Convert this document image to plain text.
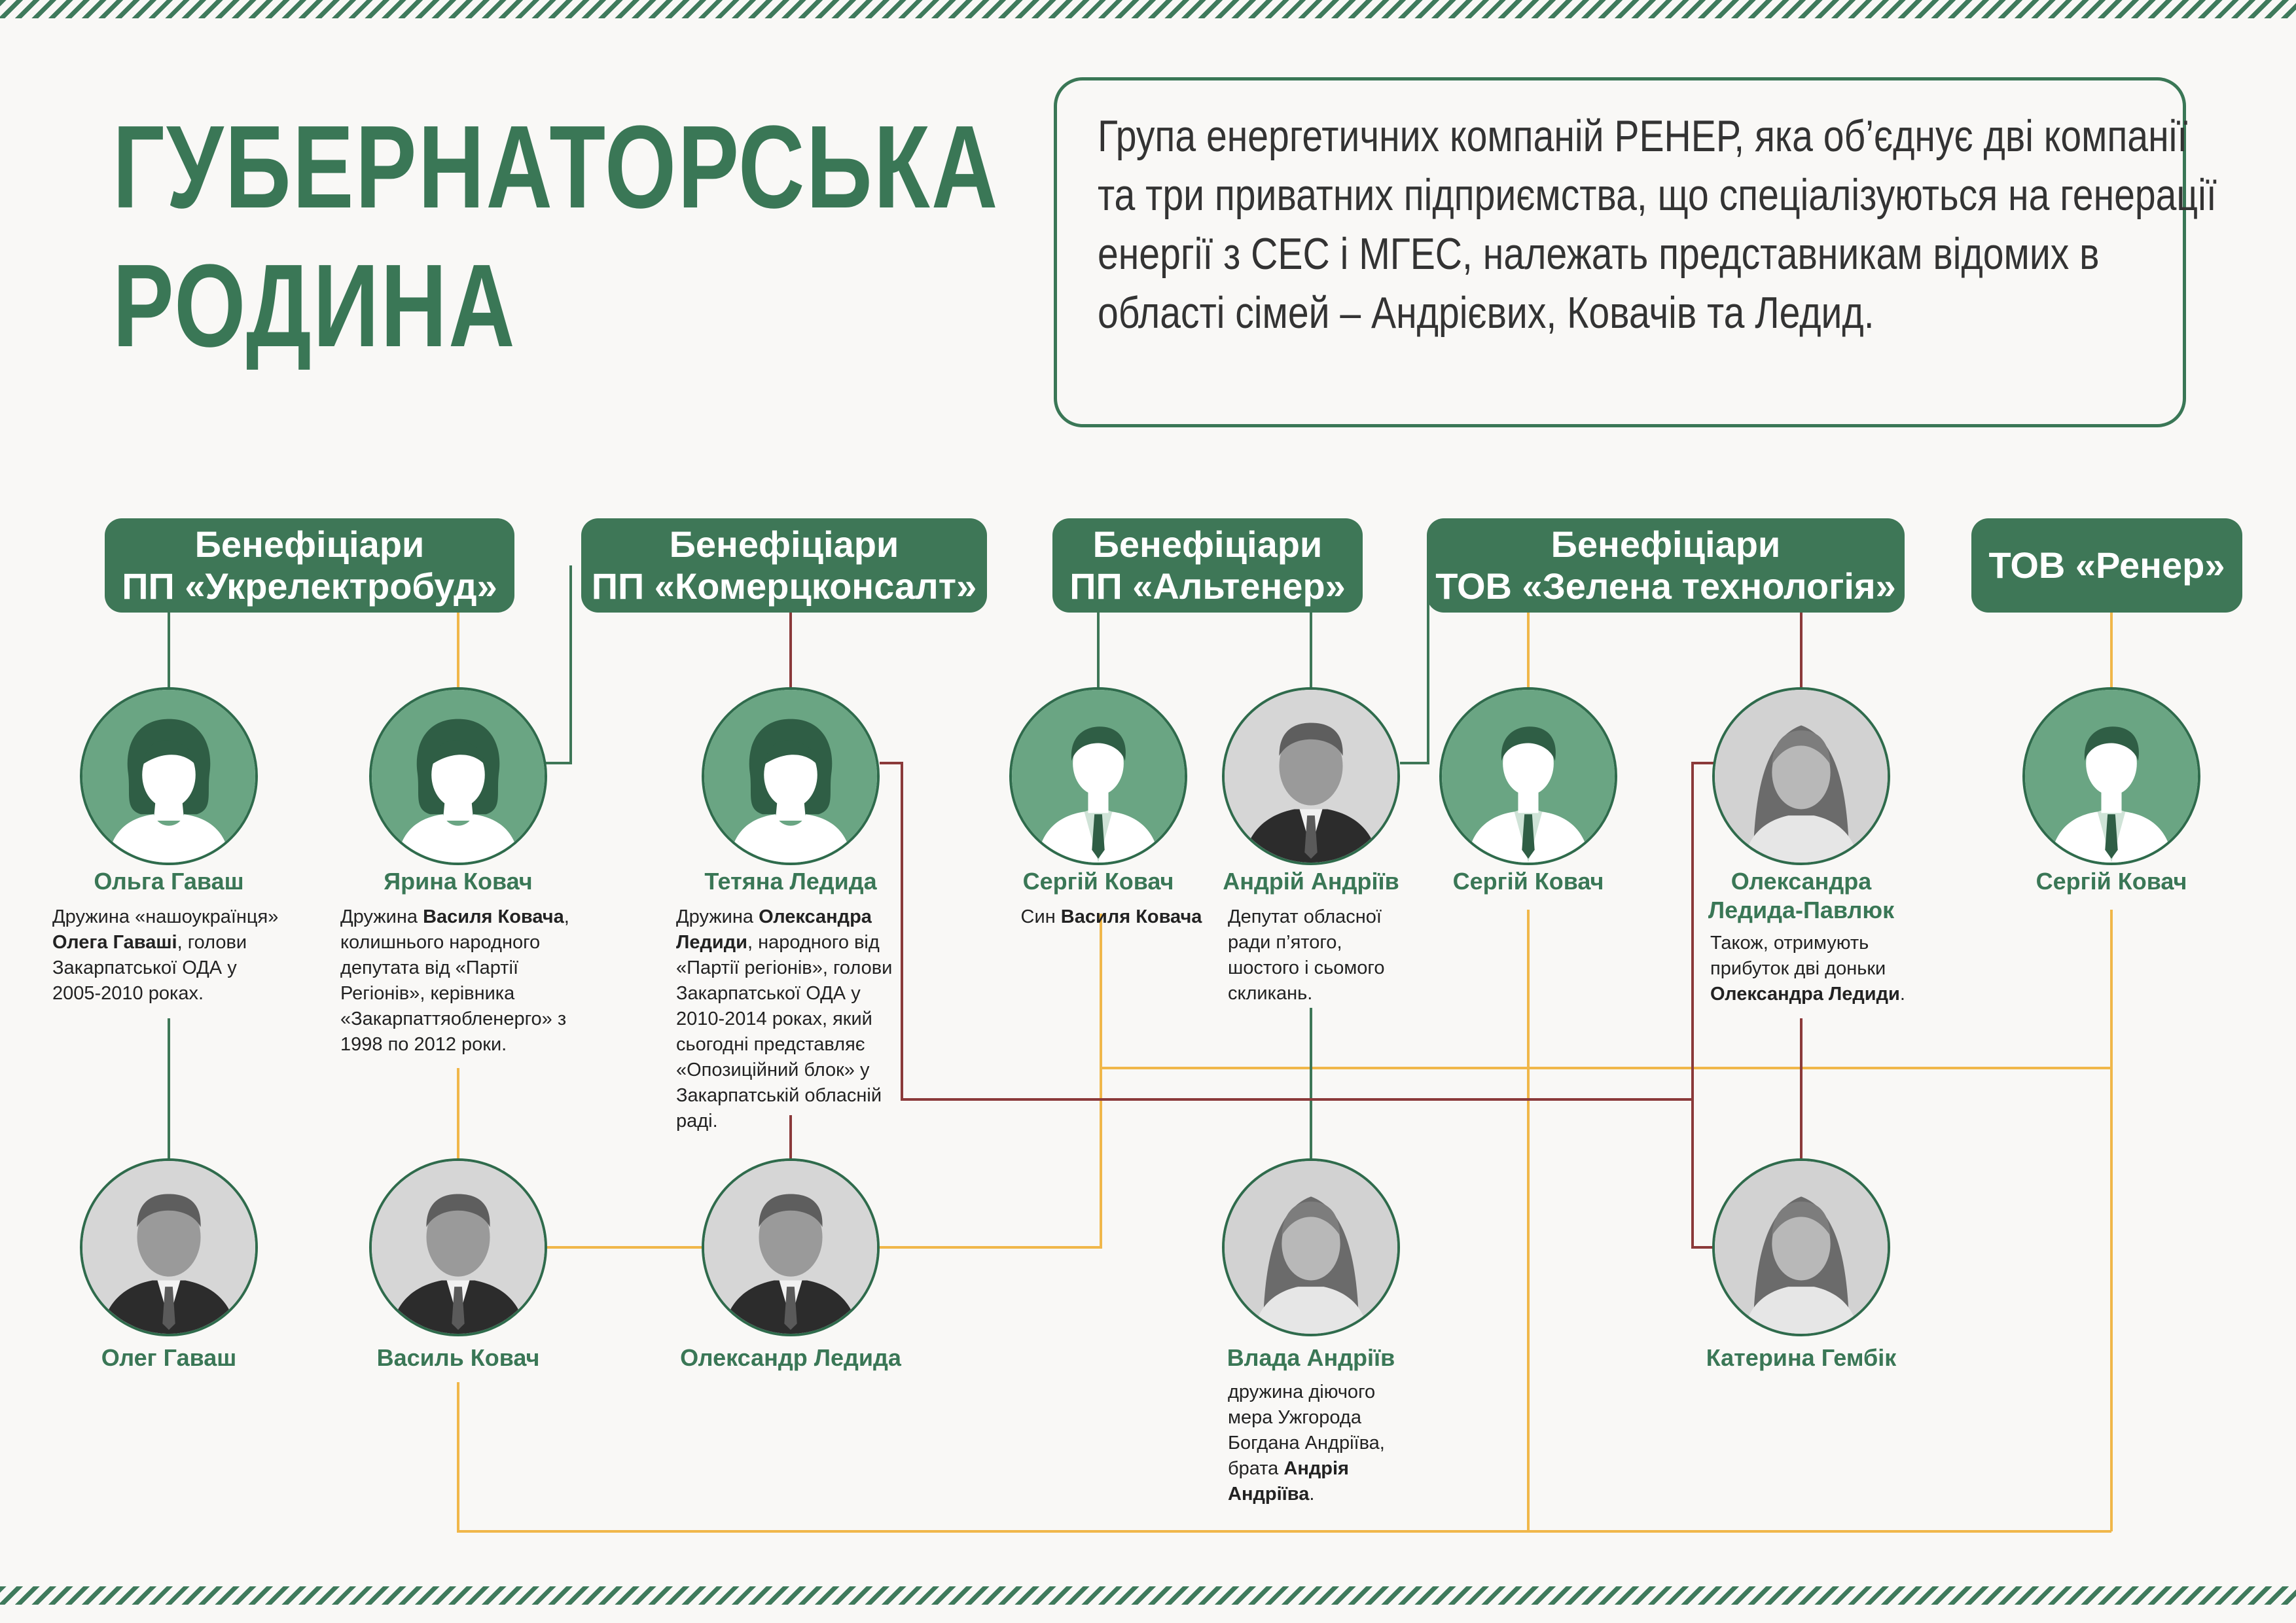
ГУБЕРНАТОРСЬКА
РОДИНА

Група енергетичних компаній РЕНЕР, яка об’єднує дві компанії та три приватних підприємства, що спеціалізуються на генерації енергії з СЕС і МГЕС, належать представникам відомих в області сімей – Андрієвих, Ковачів та Ледид.

Бенефіціари
ПП «Укрелектробуд»
Бенефіціари
ПП «Комерцконсалт»
Бенефіціари
ПП «Альтенер»
Бенефіціари
ТОВ «Зелена технологія»
ТОВ «Ренер»
Ольга Гаваш	Ярина Ковач	Тетяна Ледида	Сергій Ковач	Андрій Андріїв	Сергій Ковач	Олександра Ледида-Павлюк
Сергій Ковач
Олег Гаваш	Василь Ковач	Олександр Ледида	Влада Андріїв	Катерина Гембік
Дружина «нашоукраїнця» Олега Гаваші, голови Закарпатської ОДА у 2005-2010 роках.
Дружина Василя Ковача, колишнього народного депутата від «Партії Регіонів», керівника «Закарпаттяобленерго» з 1998 по 2012 роки.
Дружина Олександра Ледиди, народного від «Партії регіонів», голови Закарпатської ОДА у 2010-2014 роках, який сьогодні представляє «Опозиційний блок» у Закарпатській обласній раді.
Син Василя Ковача	Депутат обласної ради п’ятого, шостого і сьомого скликань.
Також, отримують прибуток дві доньки Олександра Ледиди.
дружина діючого мера Ужгорода Богдана Андріїва, брата Андрія Андріїва.
